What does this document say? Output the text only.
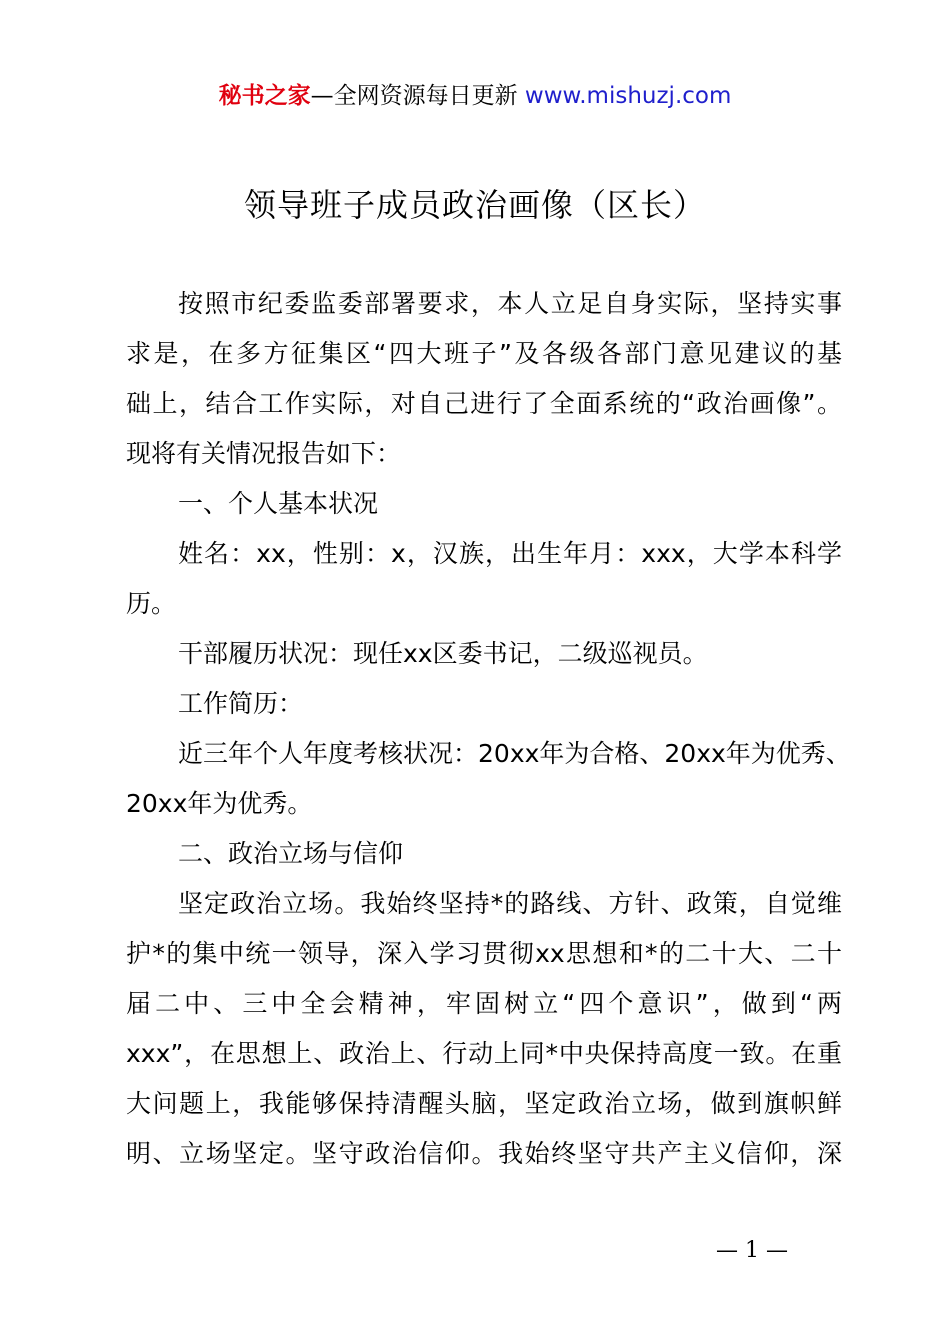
秘书之家—全网资源每日更新 www.mishuzj.com
领导班子成员政治画像（区长）
按照市纪委监委部署要求，本人立足自身实际，坚持实事
求是，在多方征集区“四大班子”及各级各部门意见建议的基
础上，结合工作实际，对自己进行了全面系统的“政治画像”。
现将有关情况报告如下：
一、个人基本状况
姓名：xx，性别：x，汉族，出生年月：xxx，大学本科学
历。
干部履历状况：现任xx区委书记，二级巡视员。
工作简历：
近三年个人年度考核状况：20xx年为合格、20xx年为优秀、
20xx年为优秀。
二、政治立场与信仰
坚定政治立场。我始终坚持*的路线、方针、政策，自觉维
护*的集中统一领导，深入学习贯彻xx思想和*的二十大、二十
届二中、三中全会精神，牢固树立“四个意识”，做到“两
xxx”，在思想上、政治上、行动上同*中央保持高度一致。在重
大问题上，我能够保持清醒头脑，坚定政治立场，做到旗帜鲜
明、立场坚定。坚守政治信仰。我始终坚守共产主义信仰，深
— 1 —
